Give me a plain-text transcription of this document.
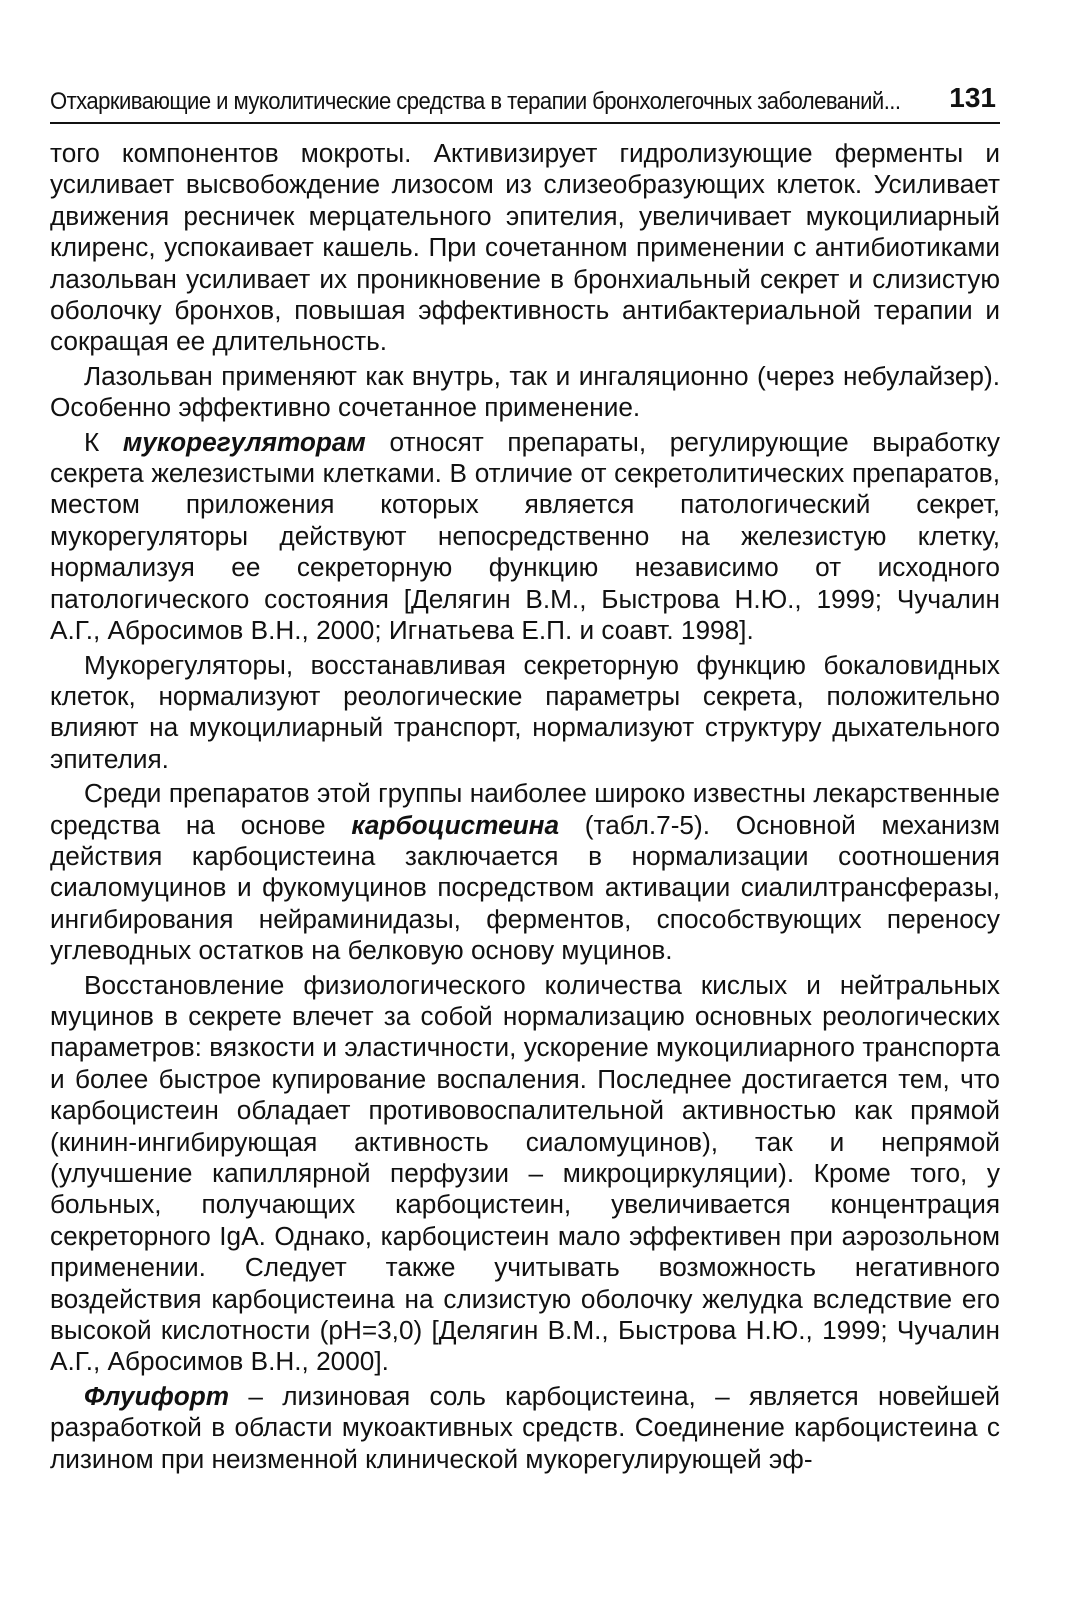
Отхаркивающие и муколитические средства в терапии бронхолегочных заболеваний... 131

того компонентов мокроты. Активизирует гидролизующие ферменты и усиливает высвобождение лизосом из слизеобразующих клеток. Усиливает движения ресничек мерцательного эпителия, увеличивает мукоцилиарный клиренс, успокаивает кашель. При сочетанном применении с антибиотиками лазольван усиливает их проникновение в бронхиальный секрет и слизистую оболочку бронхов, повышая эффективность антибактериальной терапии и сокращая ее длительность.

Лазольван применяют как внутрь, так и ингаляционно (через небулайзер). Особенно эффективно сочетанное применение.

К мукорегуляторам относят препараты, регулирующие выработку секрета железистыми клетками. В отличие от секретолитических препаратов, местом приложения которых является патологический секрет, мукорегуляторы действуют непосредственно на железистую клетку, нормализуя ее секреторную функцию независимо от исходного патологического состояния [Делягин В.М., Быстрова Н.Ю., 1999; Чучалин А.Г., Абросимов В.Н., 2000; Игнатьева Е.П. и соавт. 1998].

Мукорегуляторы, восстанавливая секреторную функцию бокаловидных клеток, нормализуют реологические параметры секрета, положительно влияют на мукоцилиарный транспорт, нормализуют структуру дыхательного эпителия.

Среди препаратов этой группы наиболее широко известны лекарственные средства на основе карбоцистеина (табл.7-5). Основной механизм действия карбоцистеина заключается в нормализации соотношения сиаломуцинов и фукомуцинов посредством активации сиалилтрансферазы, ингибирования нейраминидазы, ферментов, способствующих переносу углеводных остатков на белковую основу муцинов.

Восстановление физиологического количества кислых и нейтральных муцинов в секрете влечет за собой нормализацию основных реологических параметров: вязкости и эластичности, ускорение мукоцилиарного транспорта и более быстрое купирование воспаления. Последнее достигается тем, что карбоцистеин обладает противовоспалительной активностью как прямой (кинин-ингибирующая активность сиаломуцинов), так и непрямой (улучшение капиллярной перфузии – микроциркуляции). Кроме того, у больных, получающих карбоцистеин, увеличивается концентрация секреторного IgA. Однако, карбоцистеин мало эффективен при аэрозольном применении. Следует также учитывать возможность негативного воздействия карбоцистеина на слизистую оболочку желудка вследствие его высокой кислотности (pH=3,0) [Делягин В.М., Быстрова Н.Ю., 1999; Чучалин А.Г., Абросимов В.Н., 2000].

Флуифорт – лизиновая соль карбоцистеина, – является новейшей разработкой в области мукоактивных средств. Соединение карбоцистеина с лизином при неизменной клинической мукорегулирующей эф-
